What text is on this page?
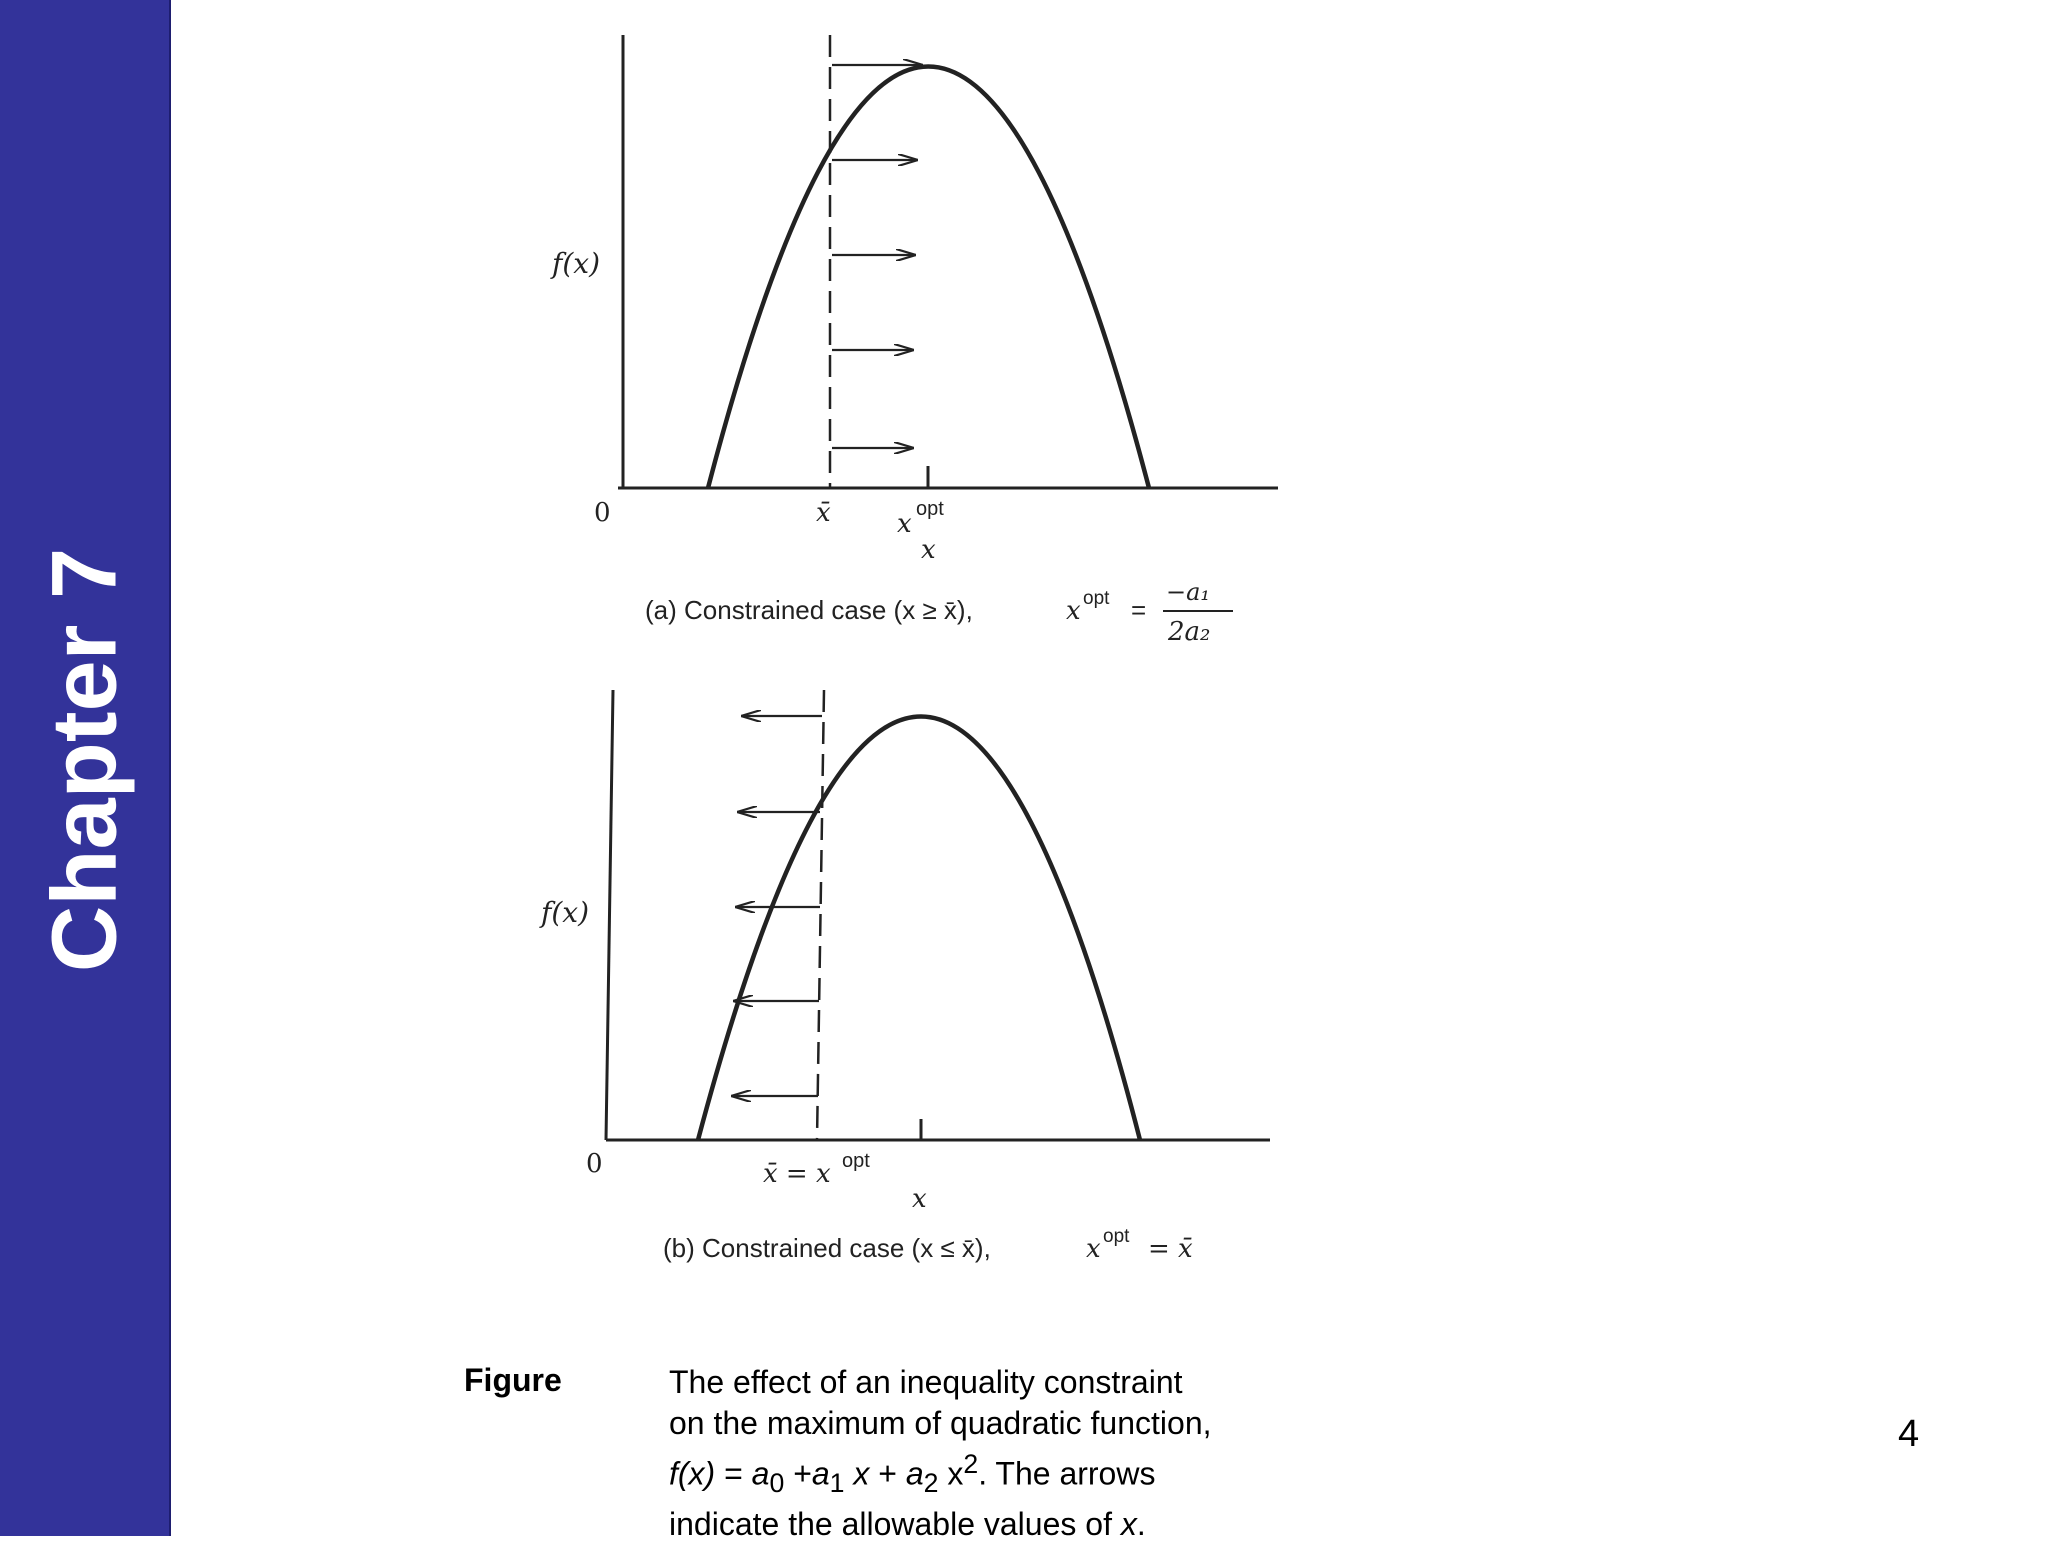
Chapter 7
f(x)
0	x̄	x opt
x
(a) Constrained case (x ≥ x̄),	x opt =
−a₁
2a₂
f(x)
0	x̄ = x opt
x
(b) Constrained case (x ≤ x̄),	x opt = x̄
Figure	The effect of an inequality constraint
on the maximum of quadratic function,
$f(x) = a_0 +a_1$ $x + a_2$ $x^2$. The arrows
indicate the allowable values of x.
4
